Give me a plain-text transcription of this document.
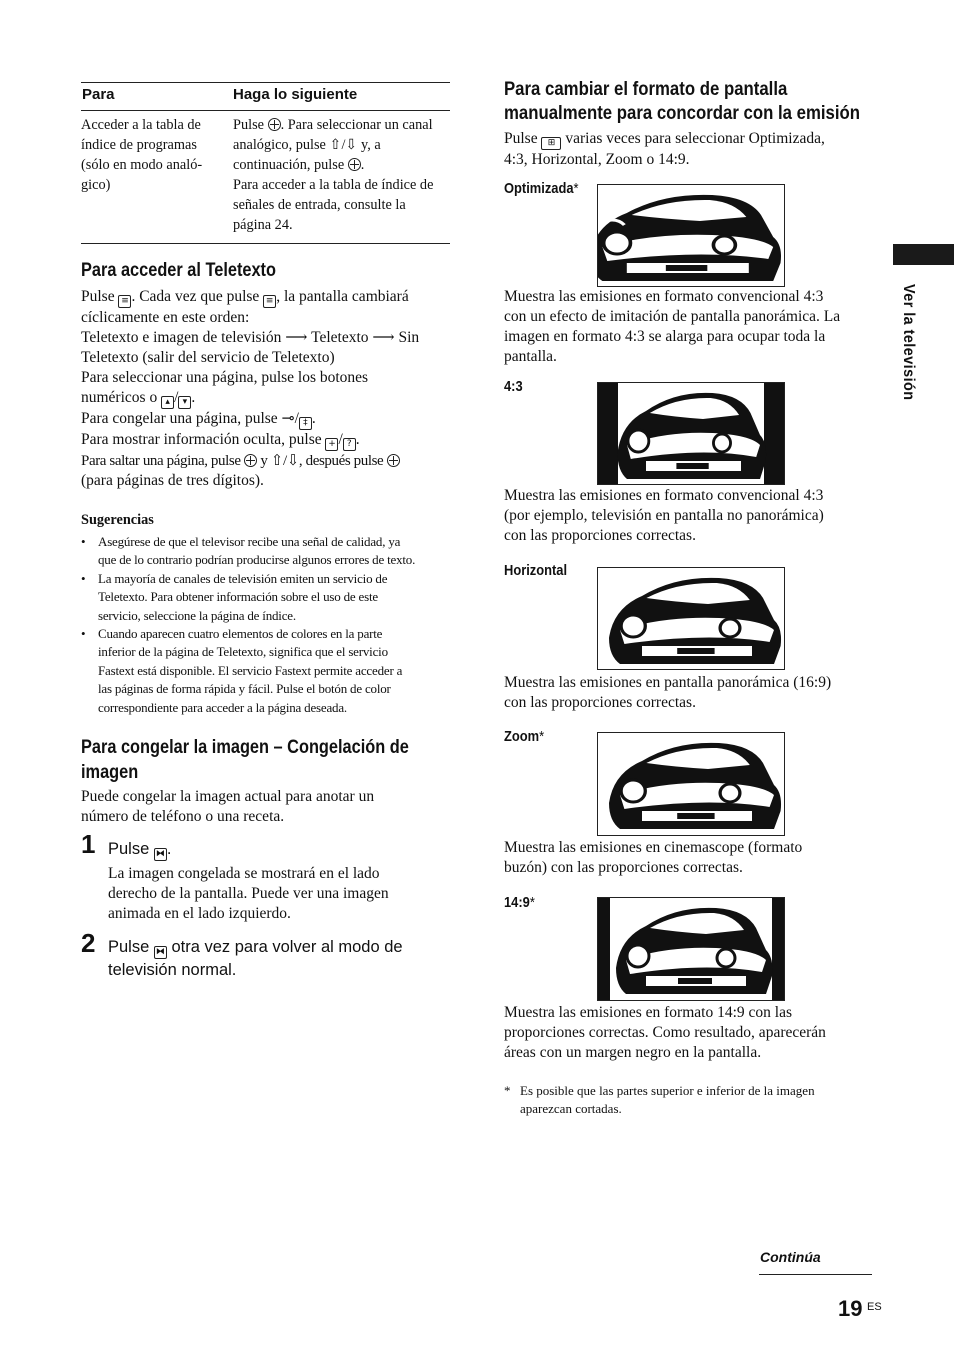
Para	Haga lo siguiente
Acceder a la tabla de
índice de programas
(sólo en modo analó-
gico)
Pulse . Para seleccionar un canal
analógico, pulse ⇧/⇩ y, a
continuación, pulse .
Para acceder a la tabla de índice de
señales de entrada, consulte la
página 24.
Para acceder al Teletexto
Pulse ≡ . Cada vez que pulse ≡ , la pantalla cambiará
cíclicamente en este orden:
Teletexto e imagen de televisión ⟶ Teletexto ⟶ Sin
Teletexto (salir del servicio de Teletexto)
Para seleccionar una página, pulse los botones
numéricos o ▴ / ▾ .
Para congelar una página, pulse ⊸/ ‡ .
Para mostrar información oculta, pulse + / ? .
Para saltar una página, pulse y ⇧/⇩, después pulse
(para páginas de tres dígitos).
Sugerencias
• Asegúrese de que el televisor recibe una señal de calidad, ya
que de lo contrario podrían producirse algunos errores de texto.
• La mayoría de canales de televisión emiten un servicio de
Teletexto. Para obtener información sobre el uso de este
servicio, seleccione la página de índice.
• Cuando aparecen cuatro elementos de colores en la parte
inferior de la página de Teletexto, significa que el servicio
Fastext está disponible. El servicio Fastext permite acceder a
las páginas de forma rápida y fácil. Pulse el botón de color
correspondiente para acceder a la página deseada.
Para congelar la imagen – Congelación de
imagen
Puede congelar la imagen actual para anotar un
número de teléfono o una receta.
1 Pulse ⧓ .
La imagen congelada se mostrará en el lado
derecho de la pantalla. Puede ver una imagen
animada en el lado izquierdo.
2 Pulse ⧓ otra vez para volver al modo de
televisión normal.
Para cambiar el formato de pantalla
manualmente para concordar con la emisión
Pulse ⊞ varias veces para seleccionar Optimizada,
4:3, Horizontal, Zoom o 14:9.
Optimizada*
4:3
Horizontal
Zoom*
14:9*
Muestra las emisiones en formato convencional 4:3
con un efecto de imitación de pantalla panorámica. La
imagen en formato 4:3 se alarga para ocupar toda la
pantalla.
Muestra las emisiones en formato convencional 4:3
(por ejemplo, televisión en pantalla no panorámica)
con las proporciones correctas.
Muestra las emisiones en pantalla panorámica (16:9)
con las proporciones correctas.
Muestra las emisiones en cinemascope (formato
buzón) con las proporciones correctas.
Muestra las emisiones en formato 14:9 con las
proporciones correctas. Como resultado, aparecerán
áreas con un margen negro en la pantalla.
* Es posible que las partes superior e inferior de la imagen
aparezcan cortadas.
Ver la televisión
Continúa
19 ES
